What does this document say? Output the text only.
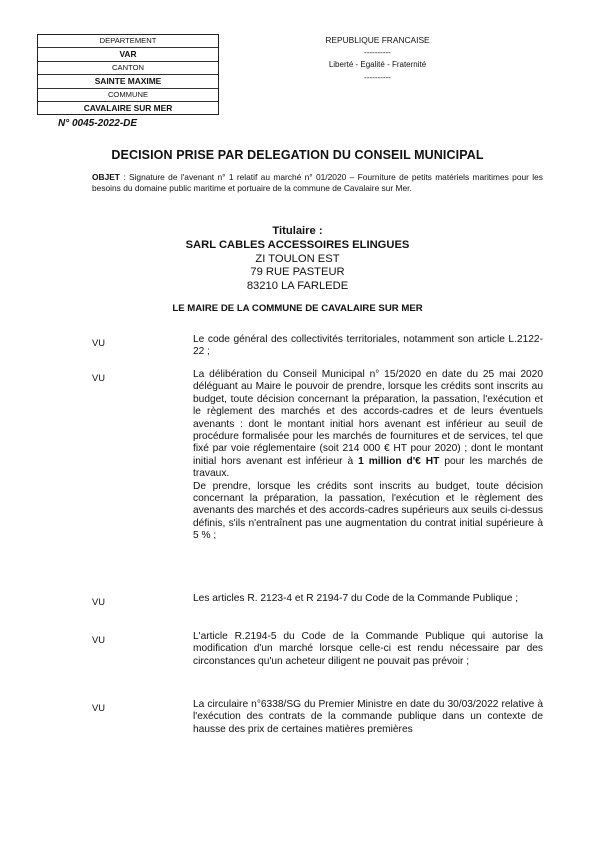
DEPARTEMENT
VAR
CANTON
SAINTE MAXIME
COMMUNE
CAVALAIRE SUR MER
REPUBLIQUE FRANCAISE
----------
Liberté - Egalité - Fraternité
----------
N° 0045-2022-DE
DECISION PRISE PAR DELEGATION DU CONSEIL MUNICIPAL
OBJET : Signature de l'avenant n° 1 relatif au marché n° 01/2020 – Fourniture de petits matériels maritimes pour les besoins du domaine public maritime et portuaire de la commune de Cavalaire sur Mer.
Titulaire :
SARL CABLES ACCESSOIRES ELINGUES
ZI TOULON EST
79 RUE PASTEUR
83210 LA FARLEDE
LE MAIRE DE LA COMMUNE DE CAVALAIRE SUR MER
VU	Le code général des collectivités territoriales, notamment son article L.2122-22 ;

VU	La délibération du Conseil Municipal n° 15/2020 en date du 25 mai 2020 déléguant au Maire le pouvoir de prendre, lorsque les crédits sont inscrits au budget, toute décision concernant la préparation, la passation, l'exécution et le règlement des marchés et des accords-cadres et de leurs éventuels avenants : dont le montant initial hors avenant est inférieur au seuil de procédure formalisée pour les marchés de fournitures et de services, tel que fixé par voie réglementaire (soit 214 000 € HT pour 2020) ; dont le montant initial hors avenant est inférieur à 1 million d'€ HT pour les marchés de travaux.

De prendre, lorsque les crédits sont inscrits au budget, toute décision concernant la préparation, la passation, l'exécution et le règlement des avenants des marchés et des accords-cadres supérieurs aux seuils ci-dessus définis, s'ils n'entraînent pas une augmentation du contrat initial supérieure à 5 % ;

VU	Les articles R. 2123-4 et R 2194-7 du Code de la Commande Publique ;

VU	L'article R.2194-5 du Code de la Commande Publique qui autorise la modification d'un marché lorsque celle-ci est rendu nécessaire par des circonstances qu'un acheteur diligent ne pouvait pas prévoir ;

VU	La circulaire n°6338/SG du Premier Ministre en date du 30/03/2022 relative à l'exécution des contrats de la commande publique dans un contexte de hausse des prix de certaines matières premières
